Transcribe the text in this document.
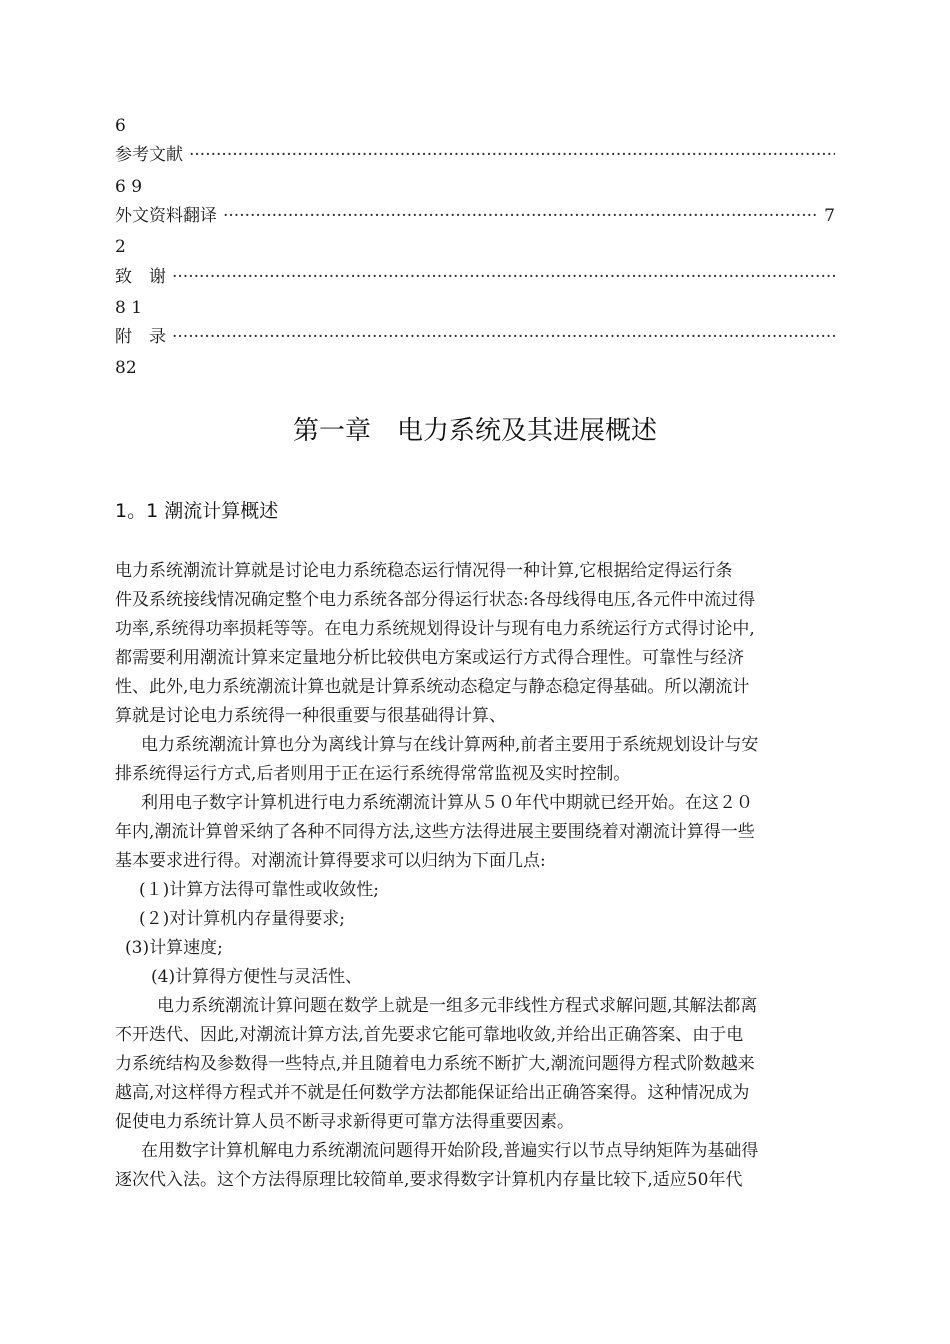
6
参考文献
·····
6 9
外文资料翻译
·····	7
2
致　谢
·····
8 1
附　录
·····
82
第一章　电力系统及其进展概述
1。1 潮流计算概述
电力系统潮流计算就是讨论电力系统稳态运行情况得一种计算,它根据给定得运行条
件及系统接线情况确定整个电力系统各部分得运行状态:各母线得电压,各元件中流过得
功率,系统得功率损耗等等。在电力系统规划得设计与现有电力系统运行方式得讨论中,
都需要利用潮流计算来定量地分析比较供电方案或运行方式得合理性。可靠性与经济
性、此外,电力系统潮流计算也就是计算系统动态稳定与静态稳定得基础。所以潮流计
算就是讨论电力系统得一种很重要与很基础得计算、
电力系统潮流计算也分为离线计算与在线计算两种,前者主要用于系统规划设计与安
排系统得运行方式,后者则用于正在运行系统得常常监视及实时控制。
利用电子数字计算机进行电力系统潮流计算从５０年代中期就已经开始。在这２０
年内,潮流计算曾采纳了各种不同得方法,这些方法得进展主要围绕着对潮流计算得一些
基本要求进行得。对潮流计算得要求可以归纳为下面几点:
(１)计算方法得可靠性或收敛性;
(２)对计算机内存量得要求;
(3)计算速度;
(4)计算得方便性与灵活性、
电力系统潮流计算问题在数学上就是一组多元非线性方程式求解问题,其解法都离
不开迭代、因此,对潮流计算方法,首先要求它能可靠地收敛,并给出正确答案、由于电
力系统结构及参数得一些特点,并且随着电力系统不断扩大,潮流问题得方程式阶数越来
越高,对这样得方程式并不就是任何数学方法都能保证给出正确答案得。这种情况成为
促使电力系统计算人员不断寻求新得更可靠方法得重要因素。
在用数字计算机解电力系统潮流问题得开始阶段,普遍实行以节点导纳矩阵为基础得
逐次代入法。这个方法得原理比较简单,要求得数字计算机内存量比较下,适应50年代
